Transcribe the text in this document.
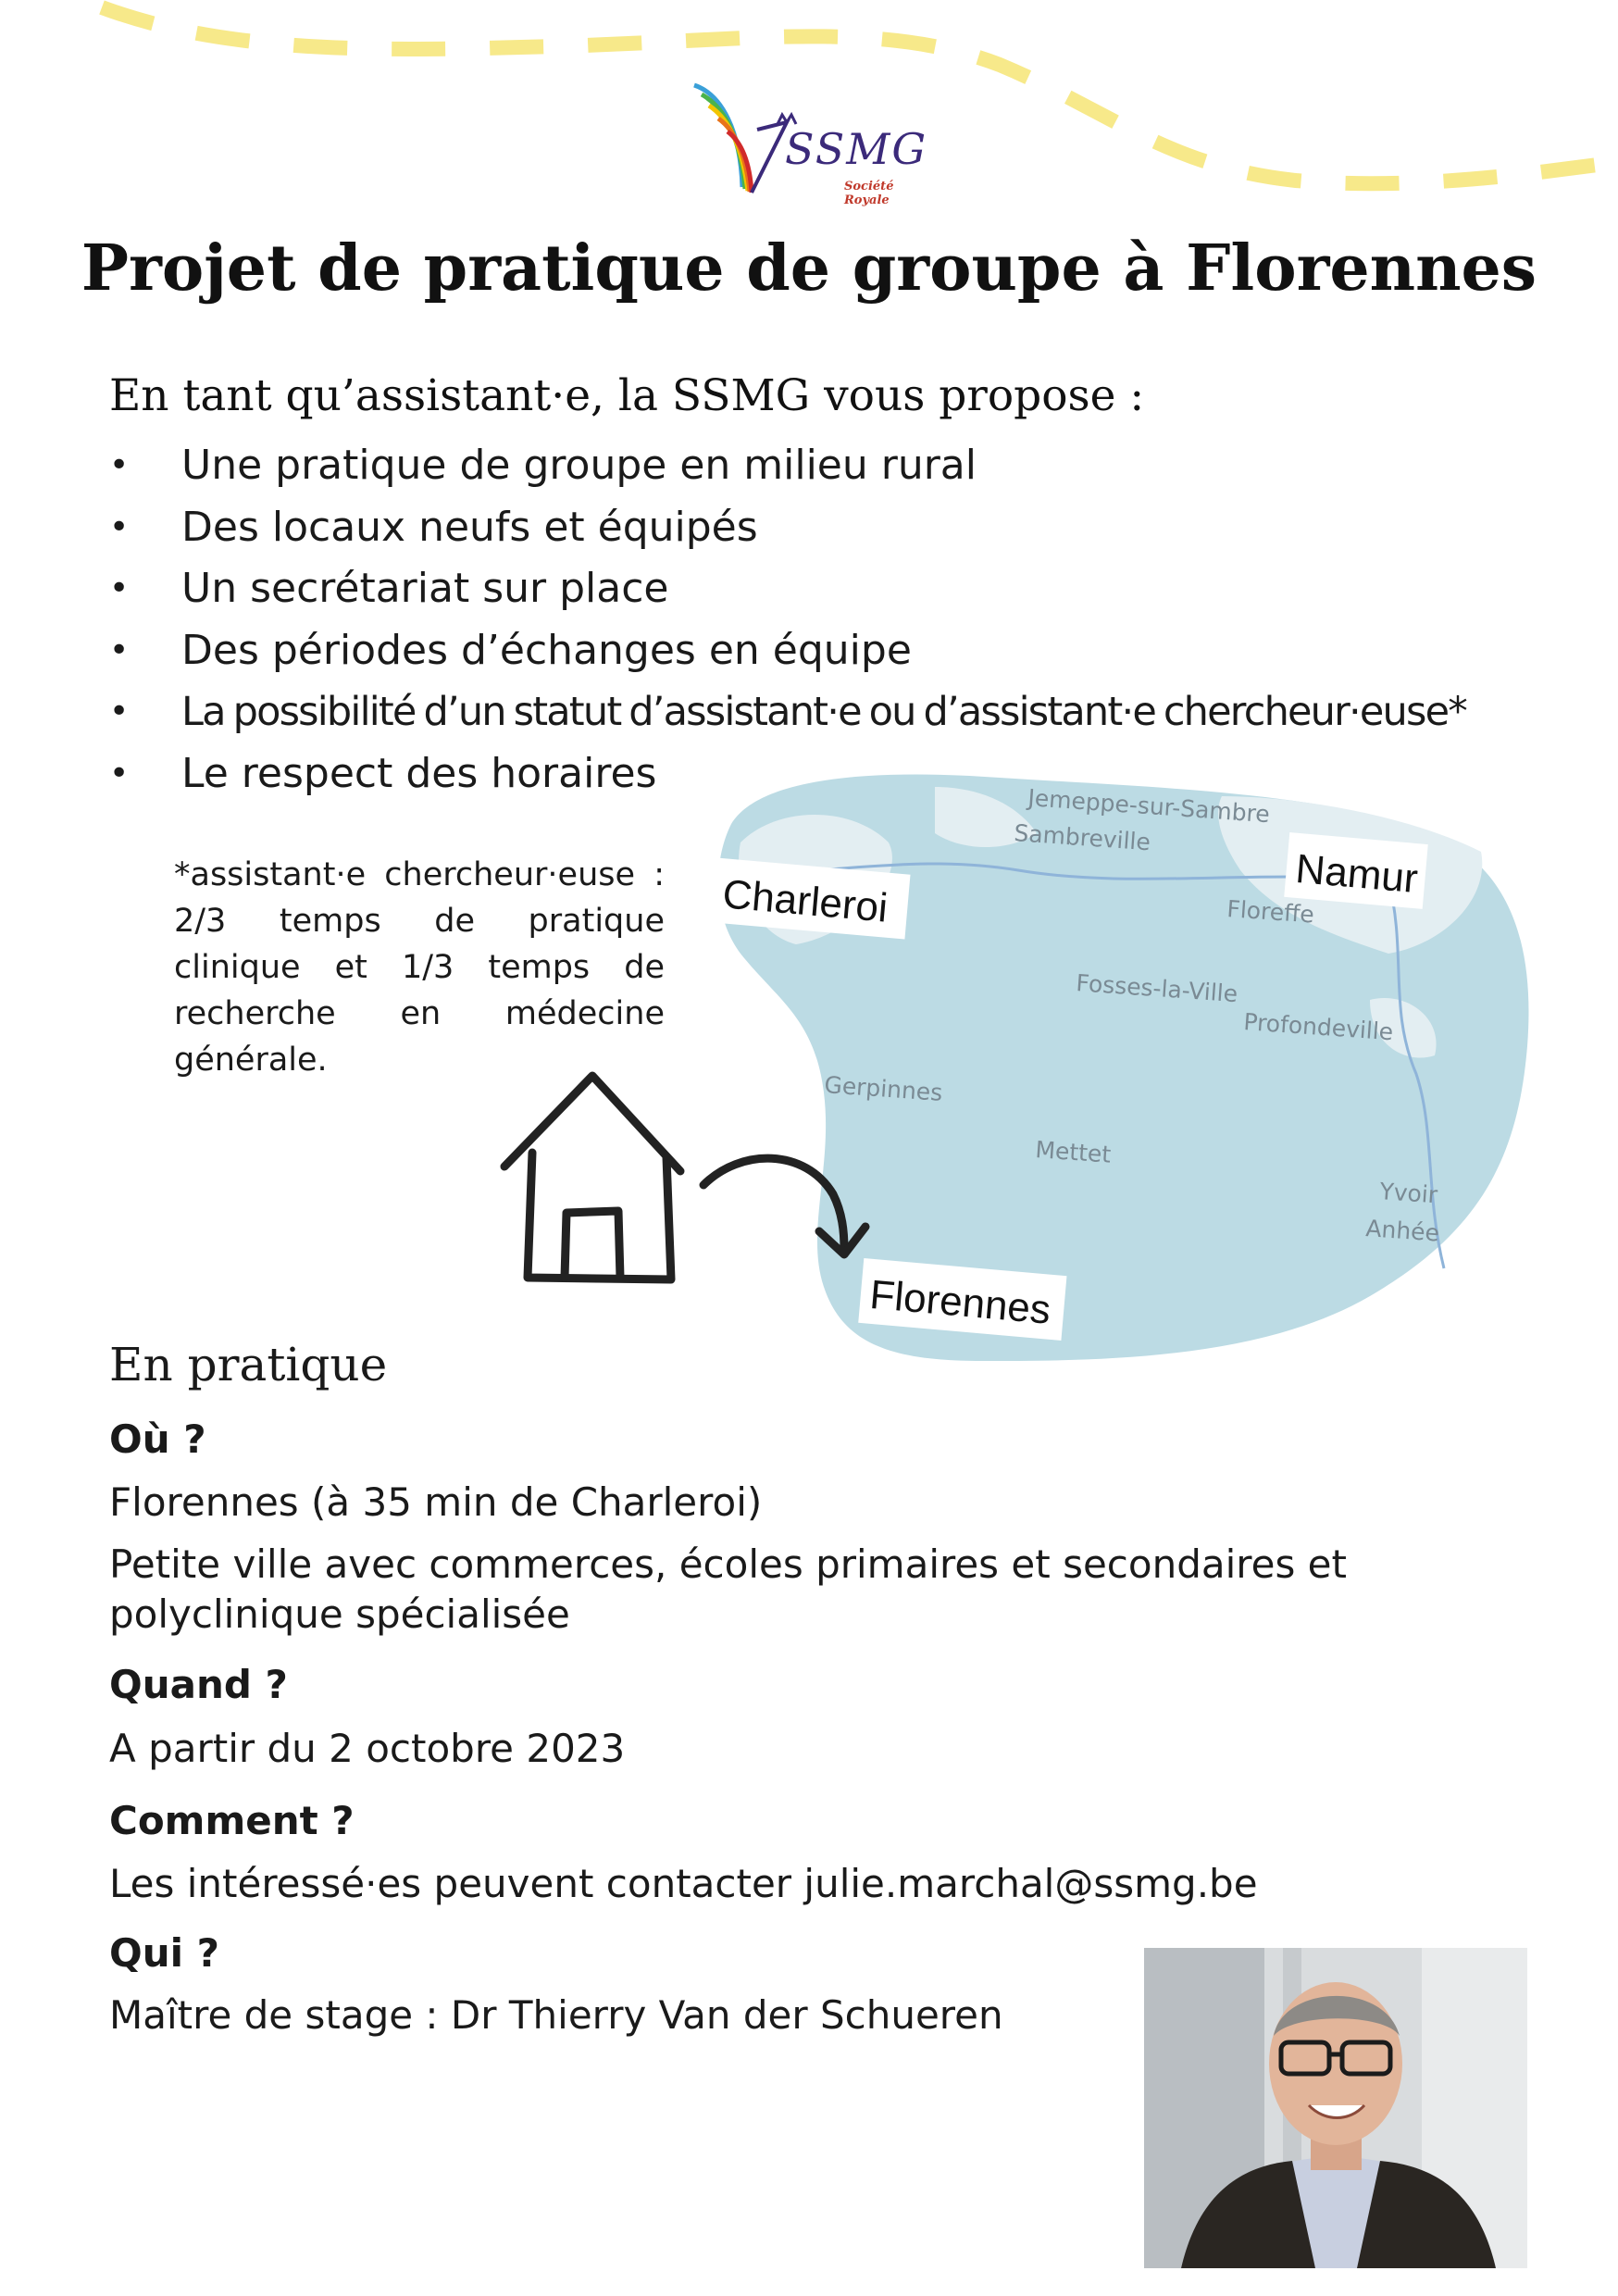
SSMG
Société Royale
Projet de pratique de groupe à Florennes
En tant qu’assistant·e, la SSMG vous propose :
• Une pratique de groupe en milieu rural
• Des locaux neufs et équipés
• Un secrétariat sur place
• Des périodes d’échanges en équipe
• La possibilité d’un statut d’assistant·e ou d’assistant·e chercheur·euse*
• Le respect des horaires
*assistant·e chercheur·euse : 2/3 temps de pratique clinique et 1/3 temps de recherche en médecine générale.
Jemeppe-sur-Sambre
Sambreville
Floreffe
Fosses-la-Ville
Profondeville
Gerpinnes
Mettet
Yvoir
Anhée
Charleroi	Namur
Florennes
En pratique
Où ?
Florennes (à 35 min de Charleroi)
Petite ville avec commerces, écoles primaires et secondaires et polyclinique spécialisée
Quand ?
A partir du 2 octobre 2023
Comment ?
Les intéressé·es peuvent contacter julie.marchal@ssmg.be
Qui ?
Maître de stage : Dr Thierry Van der Schueren
